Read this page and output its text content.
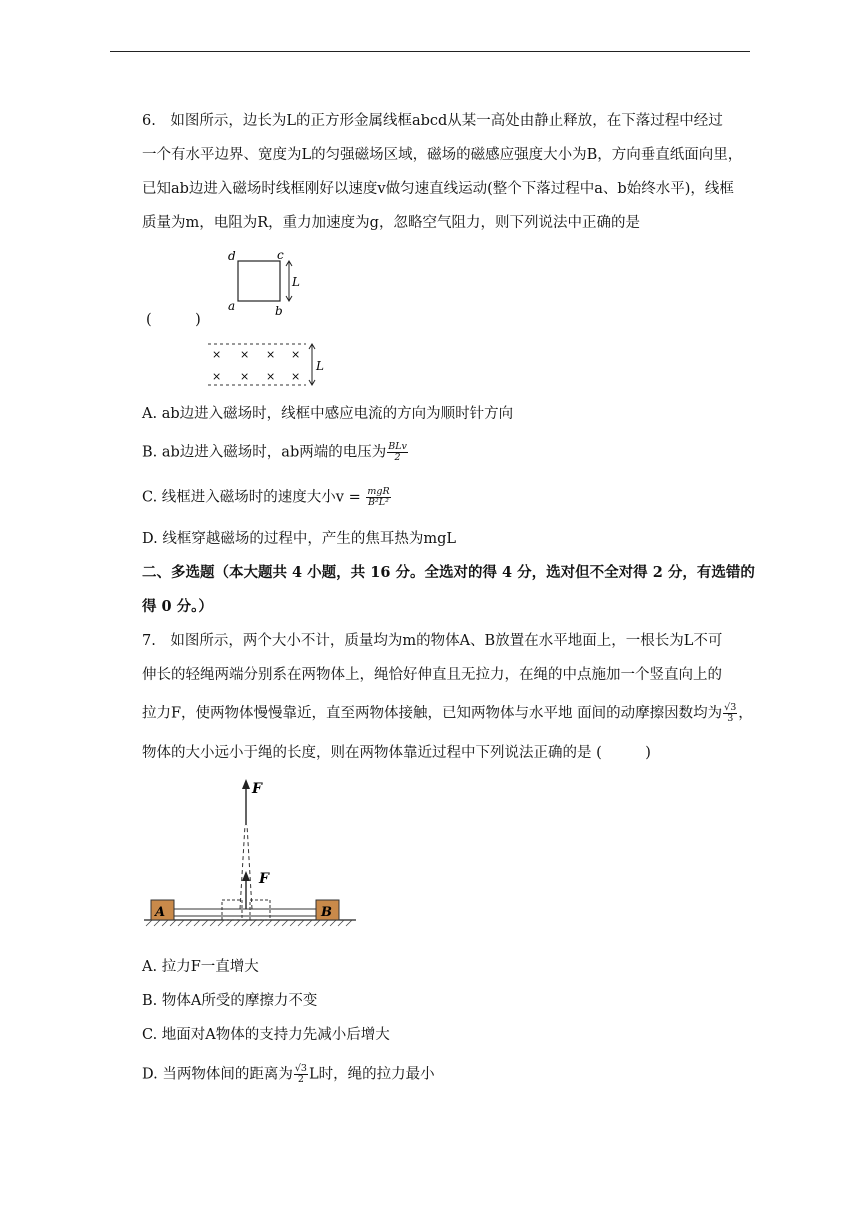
6.　如图所示，边长为L的正方形金属线框abcd从某一高处由静止释放，在下落过程中经过
一个有水平边界、宽度为L的匀强磁场区域，磁场的磁感应强度大小为B，方向垂直纸面向里，
已知ab边进入磁场时线框刚好以速度v做匀速直线运动(整个下落过程中a、b始终水平)，线框
质量为m，电阻为R，重力加速度为g，忽略空气阻力，则下列说法中正确的是
(　　　)
d	c
a	b
L
× × × ×
× × × ×
L
A. ab边进入磁场时，线框中感应电流的方向为顺时针方向
B. ab边进入磁场时，ab两端的电压为 $\frac{\text{BLv}}{2}$
C. 线框进入磁场时的速度大小$v = \frac{\text{mgR}}{\text{B²L²}}$
D. 线框穿越磁场的过程中，产生的焦耳热为mgL
二、多选题（本大题共 4 小题，共 16 分。全选对的得 4 分，选对但不全对得 2 分，有选错的
得 0 分。）
7.　如图所示，两个大小不计，质量均为m的物体A、B放置在水平地面上，一根长为L不可
伸长的轻绳两端分别系在两物体上，绳恰好伸直且无拉力，在绳的中点施加一个竖直向上的
拉力F，使两物体慢慢靠近，直至两物体接触，已知两物体与水平地 面间的动摩擦因数均为 $\frac{√3}{3}$ ，
物体的大小远小于绳的长度，则在两物体靠近过程中下列说法正确的是 (　　　)
A	B
F
F
A. 拉力F一直增大
B. 物体A所受的摩擦力不变
C. 地面对A物体的支持力先减小后增大
D. 当两物体间的距离为 $\frac{√3}{2}$ L时，绳的拉力最小
